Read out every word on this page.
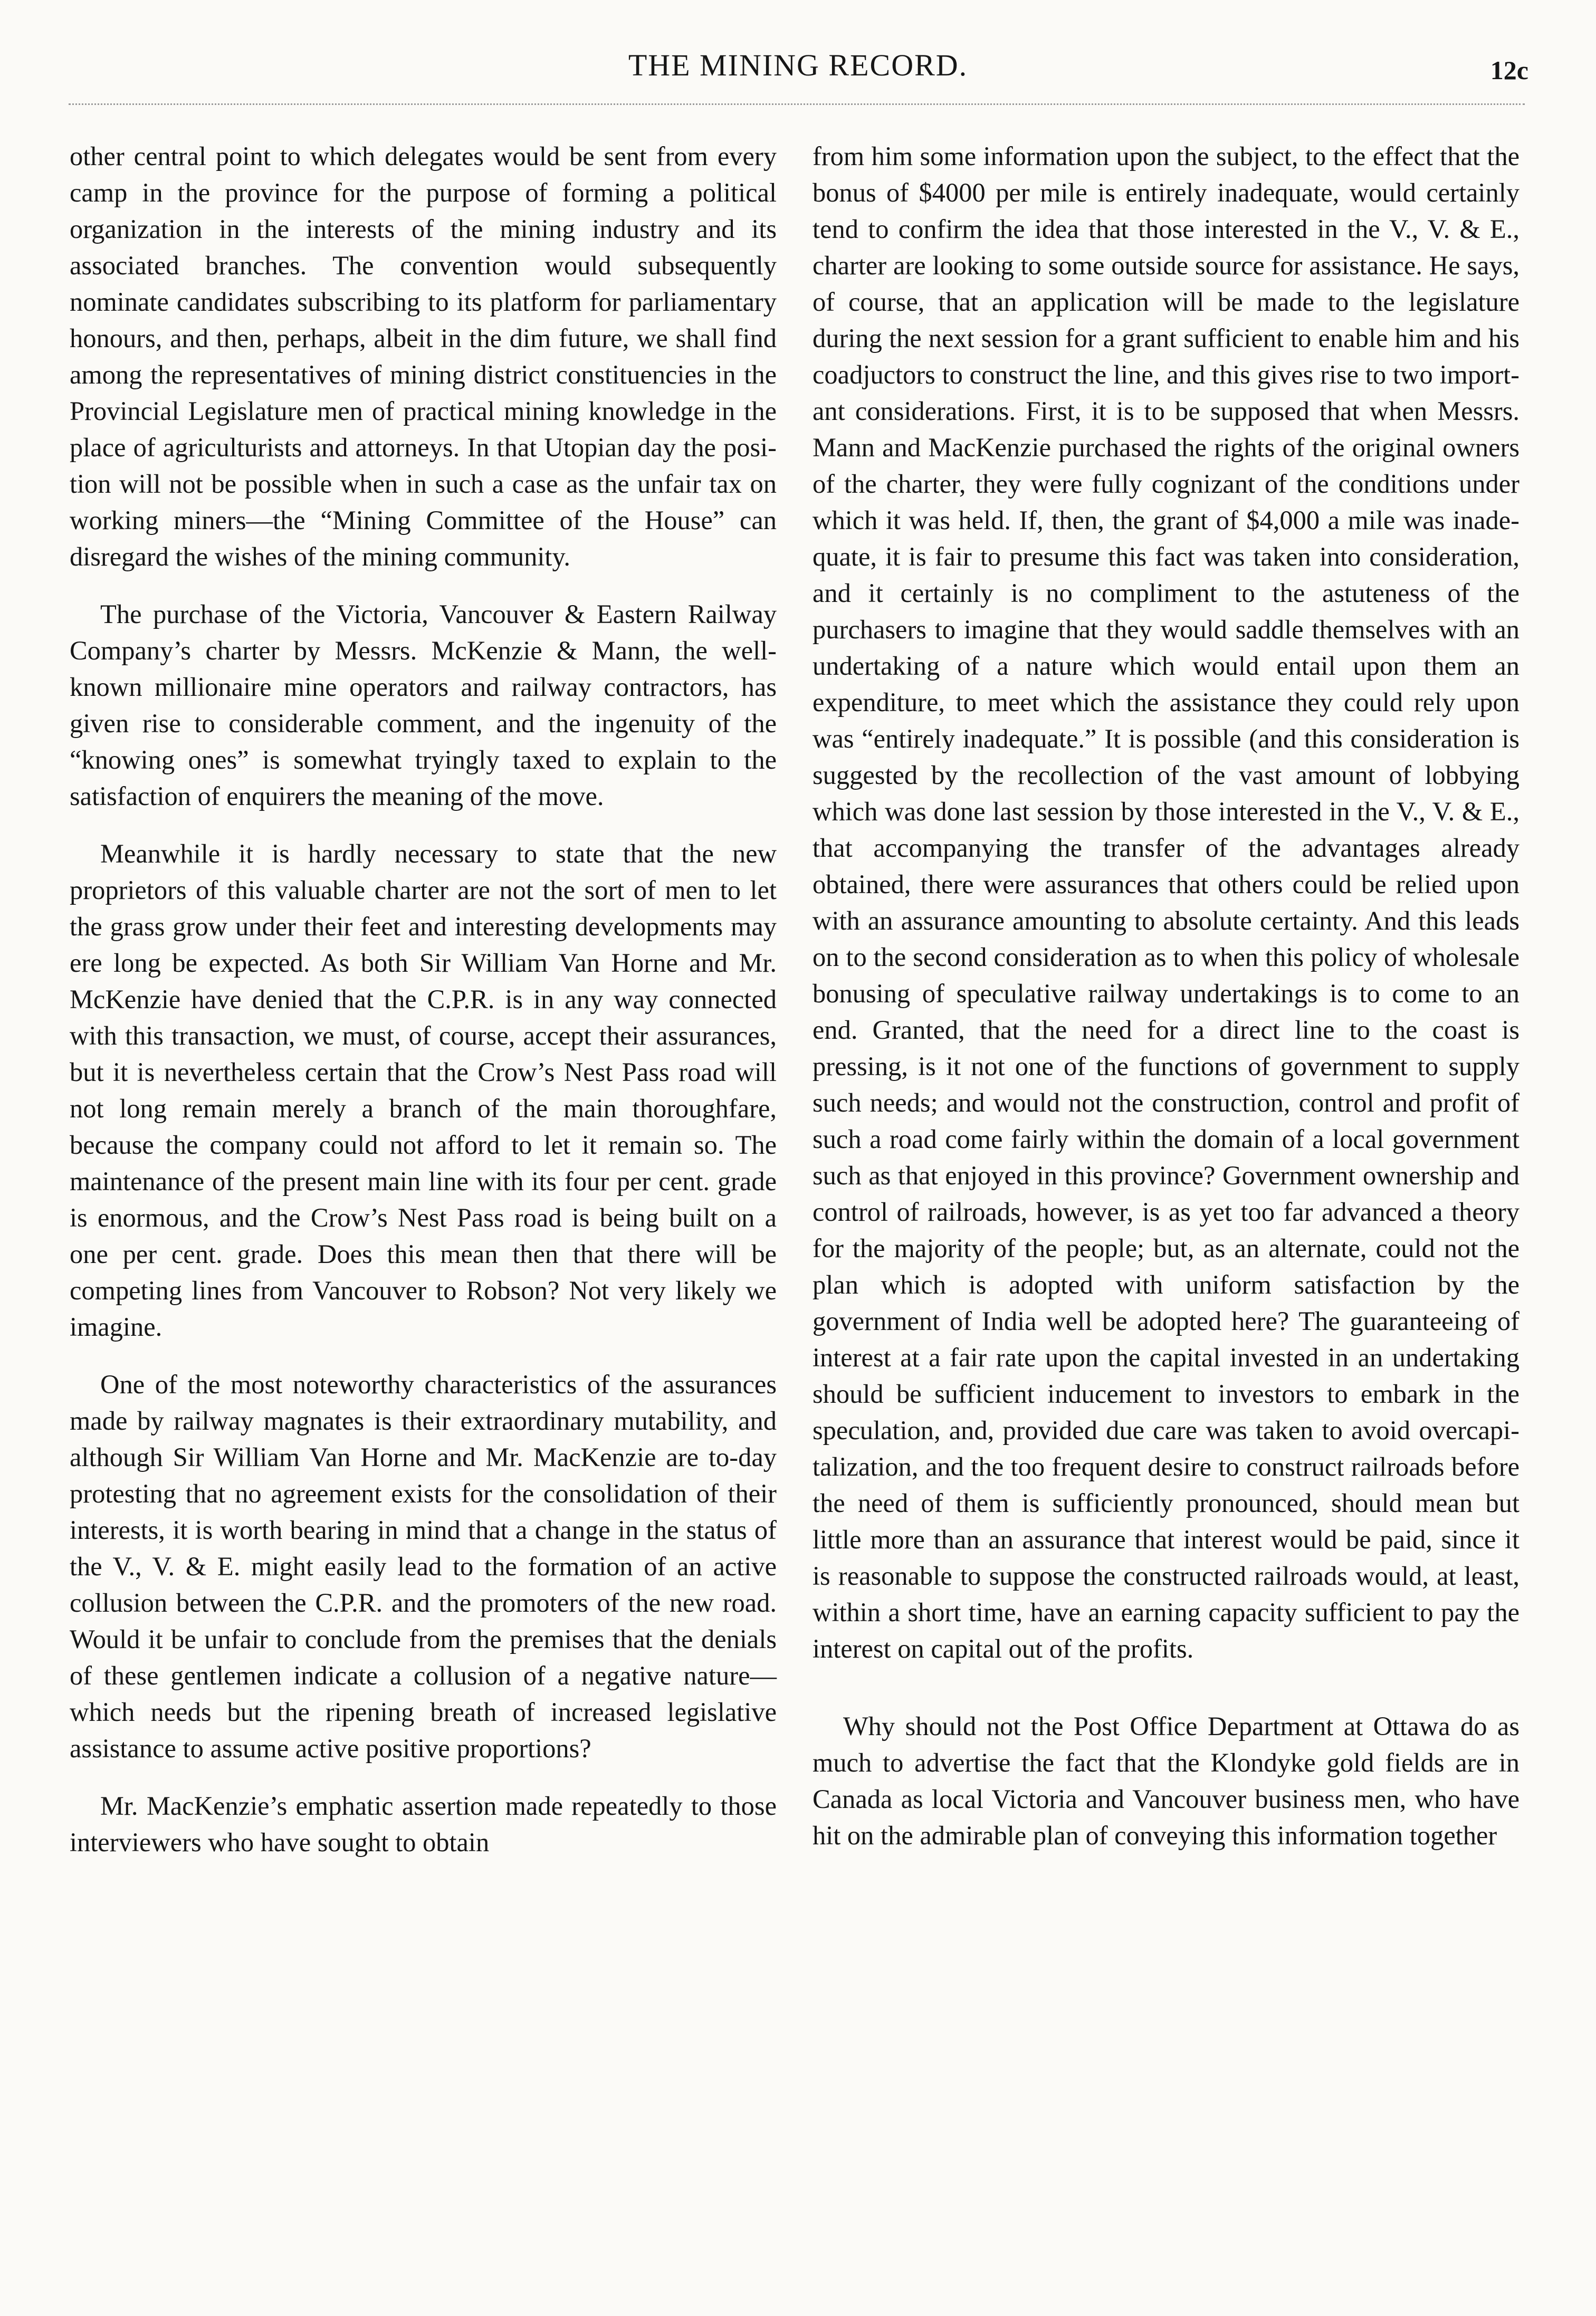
THE MINING RECORD.	12c

other central point to which delegates would be sent from every camp in the province for the purpose of forming a political organization in the interests of the mining industry and its associated branches. The convention would subsequently nominate candidates subscribing to its platform for parliamentary honours, and then, perhaps, albeit in the dim future, we shall find among the representatives of mining district constituencies in the Provincial Legislature men of practical mining knowledge in the place of agriculturists and attorneys. In that Utopian day the position will not be possible when in such a case as the unfair tax on working miners—the “Mining Committee of the House” can disregard the wishes of the mining community.

The purchase of the Victoria, Vancouver & Eastern Railway Company’s charter by Messrs. McKenzie & Mann, the well-known millionaire mine operators and railway contractors, has given rise to considerable comment, and the ingenuity of the “knowing ones” is somewhat tryingly taxed to explain to the satisfaction of enquirers the meaning of the move.

Meanwhile it is hardly necessary to state that the new proprietors of this valuable charter are not the sort of men to let the grass grow under their feet and interesting developments may ere long be expected. As both Sir William Van Horne and Mr. McKenzie have denied that the C.P.R. is in any way connected with this transaction, we must, of course, accept their assurances, but it is nevertheless certain that the Crow’s Nest Pass road will not long remain merely a branch of the main thoroughfare, because the company could not afford to let it remain so. The maintenance of the present main line with its four per cent. grade is enormous, and the Crow’s Nest Pass road is being built on a one per cent. grade. Does this mean then that there will be competing lines from Vancouver to Robson? Not very likely we imagine.

One of the most noteworthy characteristics of the assurances made by railway magnates is their extraordinary mutability, and although Sir William Van Horne and Mr. MacKenzie are to-day protesting that no agreement exists for the consolidation of their interests, it is worth bearing in mind that a change in the status of the V., V. & E. might easily lead to the formation of an active collusion between the C.P.R. and the promoters of the new road. Would it be unfair to conclude from the premises that the denials of these gentlemen indicate a collusion of a negative nature—which needs but the ripening breath of increased legislative assistance to assume active positive proportions?

Mr. MacKenzie’s emphatic assertion made repeatedly to those interviewers who have sought to obtain

from him some information upon the subject, to the effect that the bonus of $4000 per mile is entirely inadequate, would certainly tend to confirm the idea that those interested in the V., V. & E., charter are looking to some outside source for assistance. He says, of course, that an application will be made to the legislature during the next session for a grant sufficient to enable him and his coadjuctors to construct the line, and this gives rise to two important considerations. First, it is to be supposed that when Messrs. Mann and MacKenzie purchased the rights of the original owners of the charter, they were fully cognizant of the conditions under which it was held. If, then, the grant of $4,000 a mile was inadequate, it is fair to presume this fact was taken into consideration, and it certainly is no compliment to the astuteness of the purchasers to imagine that they would saddle themselves with an undertaking of a nature which would entail upon them an expenditure, to meet which the assistance they could rely upon was “entirely inadequate.” It is possible (and this consideration is suggested by the recollection of the vast amount of lobbying which was done last session by those interested in the V., V. & E., that accompanying the transfer of the advantages already obtained, there were assurances that others could be relied upon with an assurance amounting to absolute certainty. And this leads on to the second consideration as to when this policy of wholesale bonusing of speculative railway undertakings is to come to an end. Granted, that the need for a direct line to the coast is pressing, is it not one of the functions of government to supply such needs; and would not the construction, control and profit of such a road come fairly within the domain of a local government such as that enjoyed in this province? Government ownership and control of railroads, however, is as yet too far advanced a theory for the majority of the people; but, as an alternate, could not the plan which is adopted with uniform satisfaction by the government of India well be adopted here? The guaranteeing of interest at a fair rate upon the capital invested in an undertaking should be sufficient inducement to investors to embark in the speculation, and, provided due care was taken to avoid overcapitalization, and the too frequent desire to construct railroads before the need of them is sufficiently pronounced, should mean but little more than an assurance that interest would be paid, since it is reasonable to suppose the constructed railroads would, at least, within a short time, have an earning capacity sufficient to pay the interest on capital out of the profits.

Why should not the Post Office Department at Ottawa do as much to advertise the fact that the Klondyke gold fields are in Canada as local Victoria and Vancouver business men, who have hit on the admirable plan of conveying this information together
